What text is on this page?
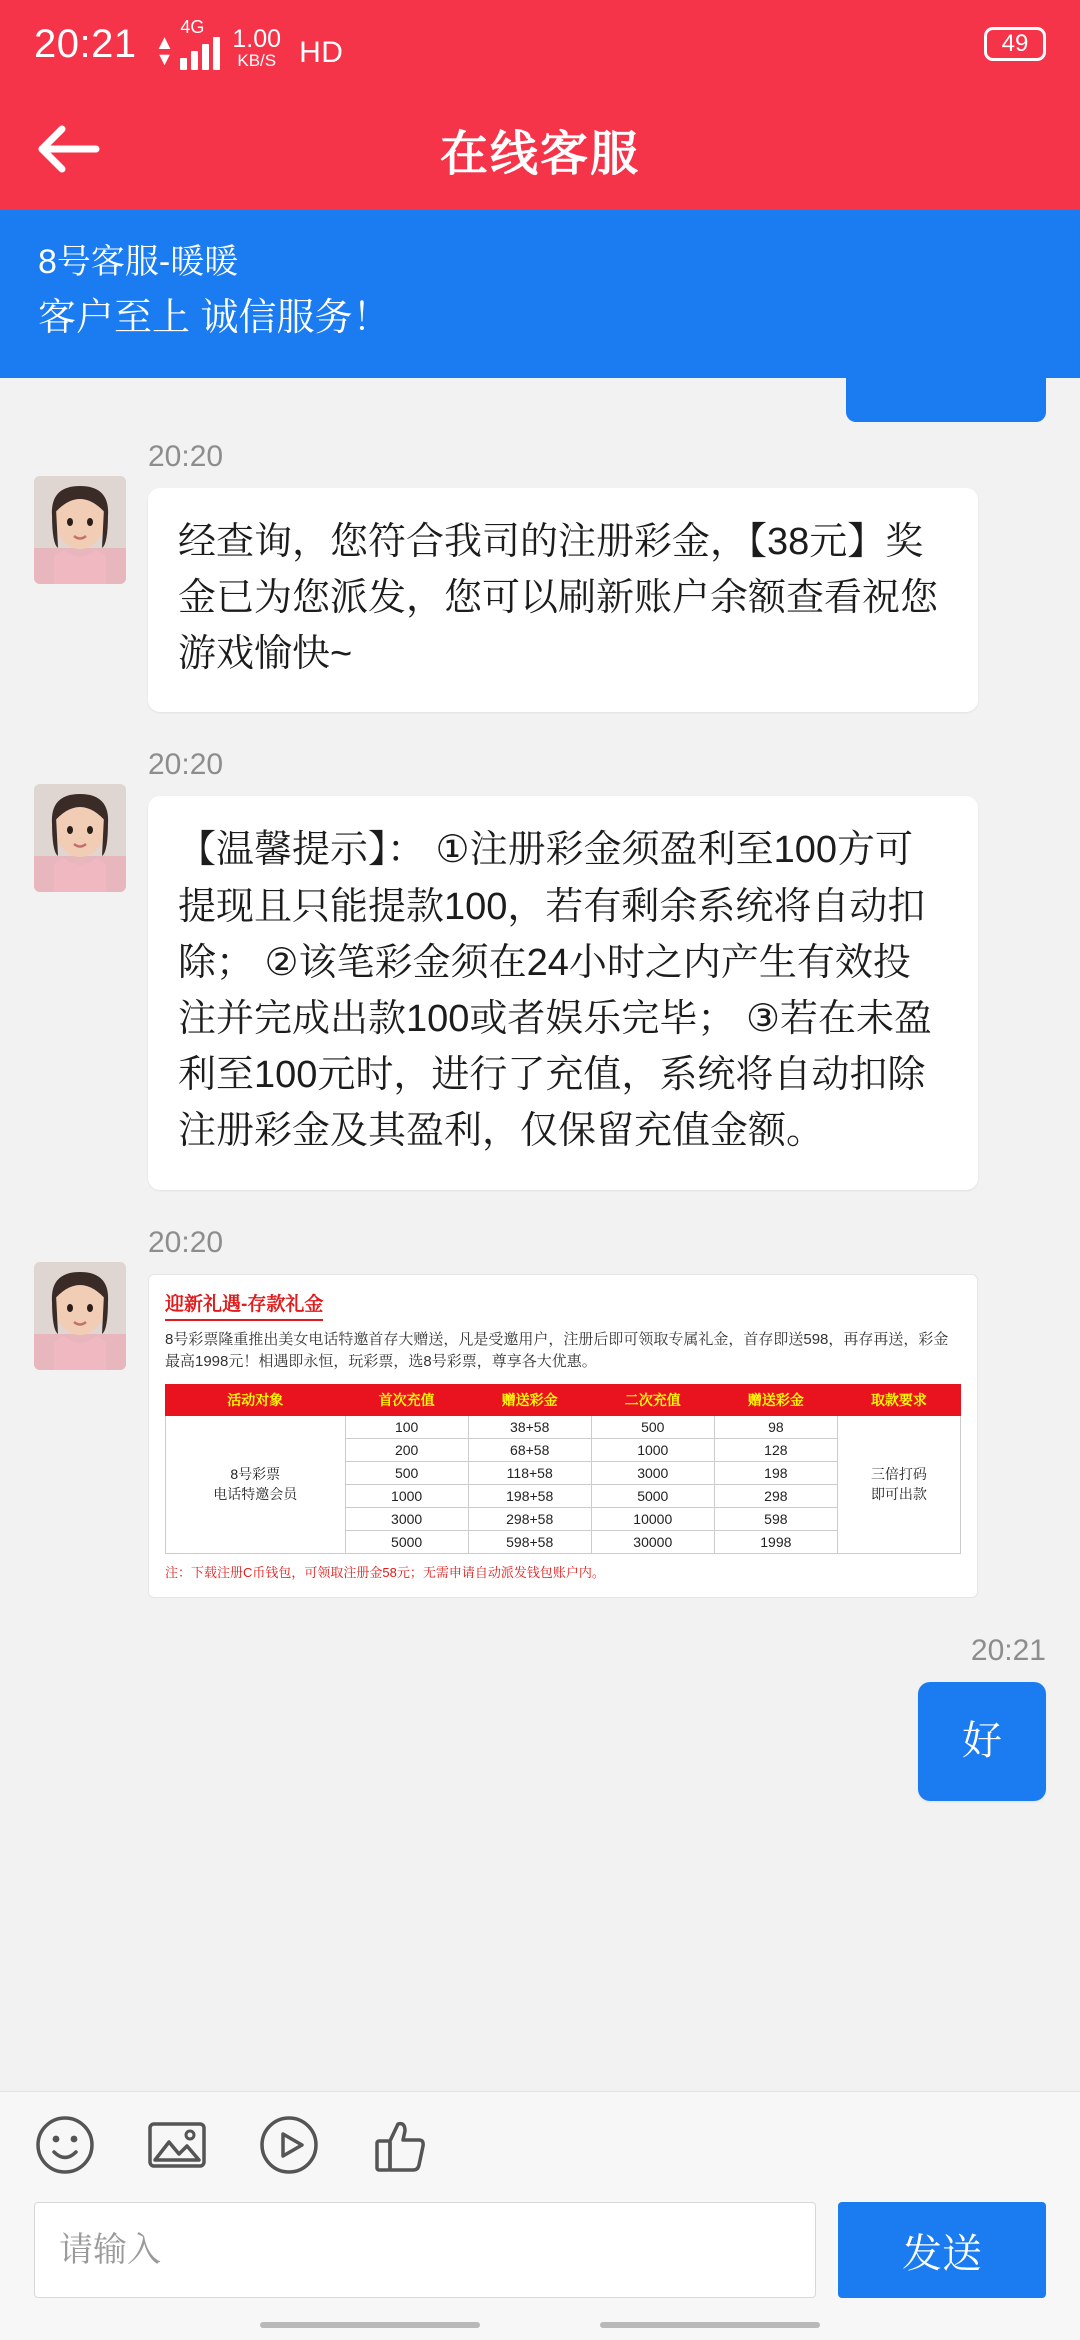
20:21 ▲
▼
4G 1.00
KB/S HD	49
在线客服
8号客服-暖暖
客户至上 诚信服务！
20:20
经查询，您符合我司的注册彩金，【38元】奖金已为您派发，您可以刷新账户余额查看祝您游戏愉快~
20:20
【温馨提示】： ①注册彩金须盈利至100方可提现且只能提款100，若有剩余系统将自动扣除； ②该笔彩金须在24小时之内产生有效投注并完成出款100或者娱乐完毕； ③若在未盈利至100元时，进行了充值，系统将自动扣除注册彩金及其盈利，仅保留充值金额。
20:20
迎新礼遇-存款礼金
8号彩票隆重推出美女电话特邀首存大赠送，凡是受邀用户，注册后即可领取专属礼金，首存即送598，再存再送，彩金最高1998元！相遇即永恒，玩彩票，选8号彩票，尊享各大优惠。
活动对象	首次充值	赠送彩金	二次充值	赠送彩金	取款要求
8号彩票
电话特邀会员	100	38+58	500	98	三倍打码
即可出款
	200	68+58	1000	128	
	500	118+58	3000	198	
	1000	198+58	5000	298	
	3000	298+58	10000	598	
	5000	598+58	30000	1998	
注：下载注册C币钱包，可领取注册金58元；无需申请自动派发钱包账户内。
20:21
好
请输入
发送
